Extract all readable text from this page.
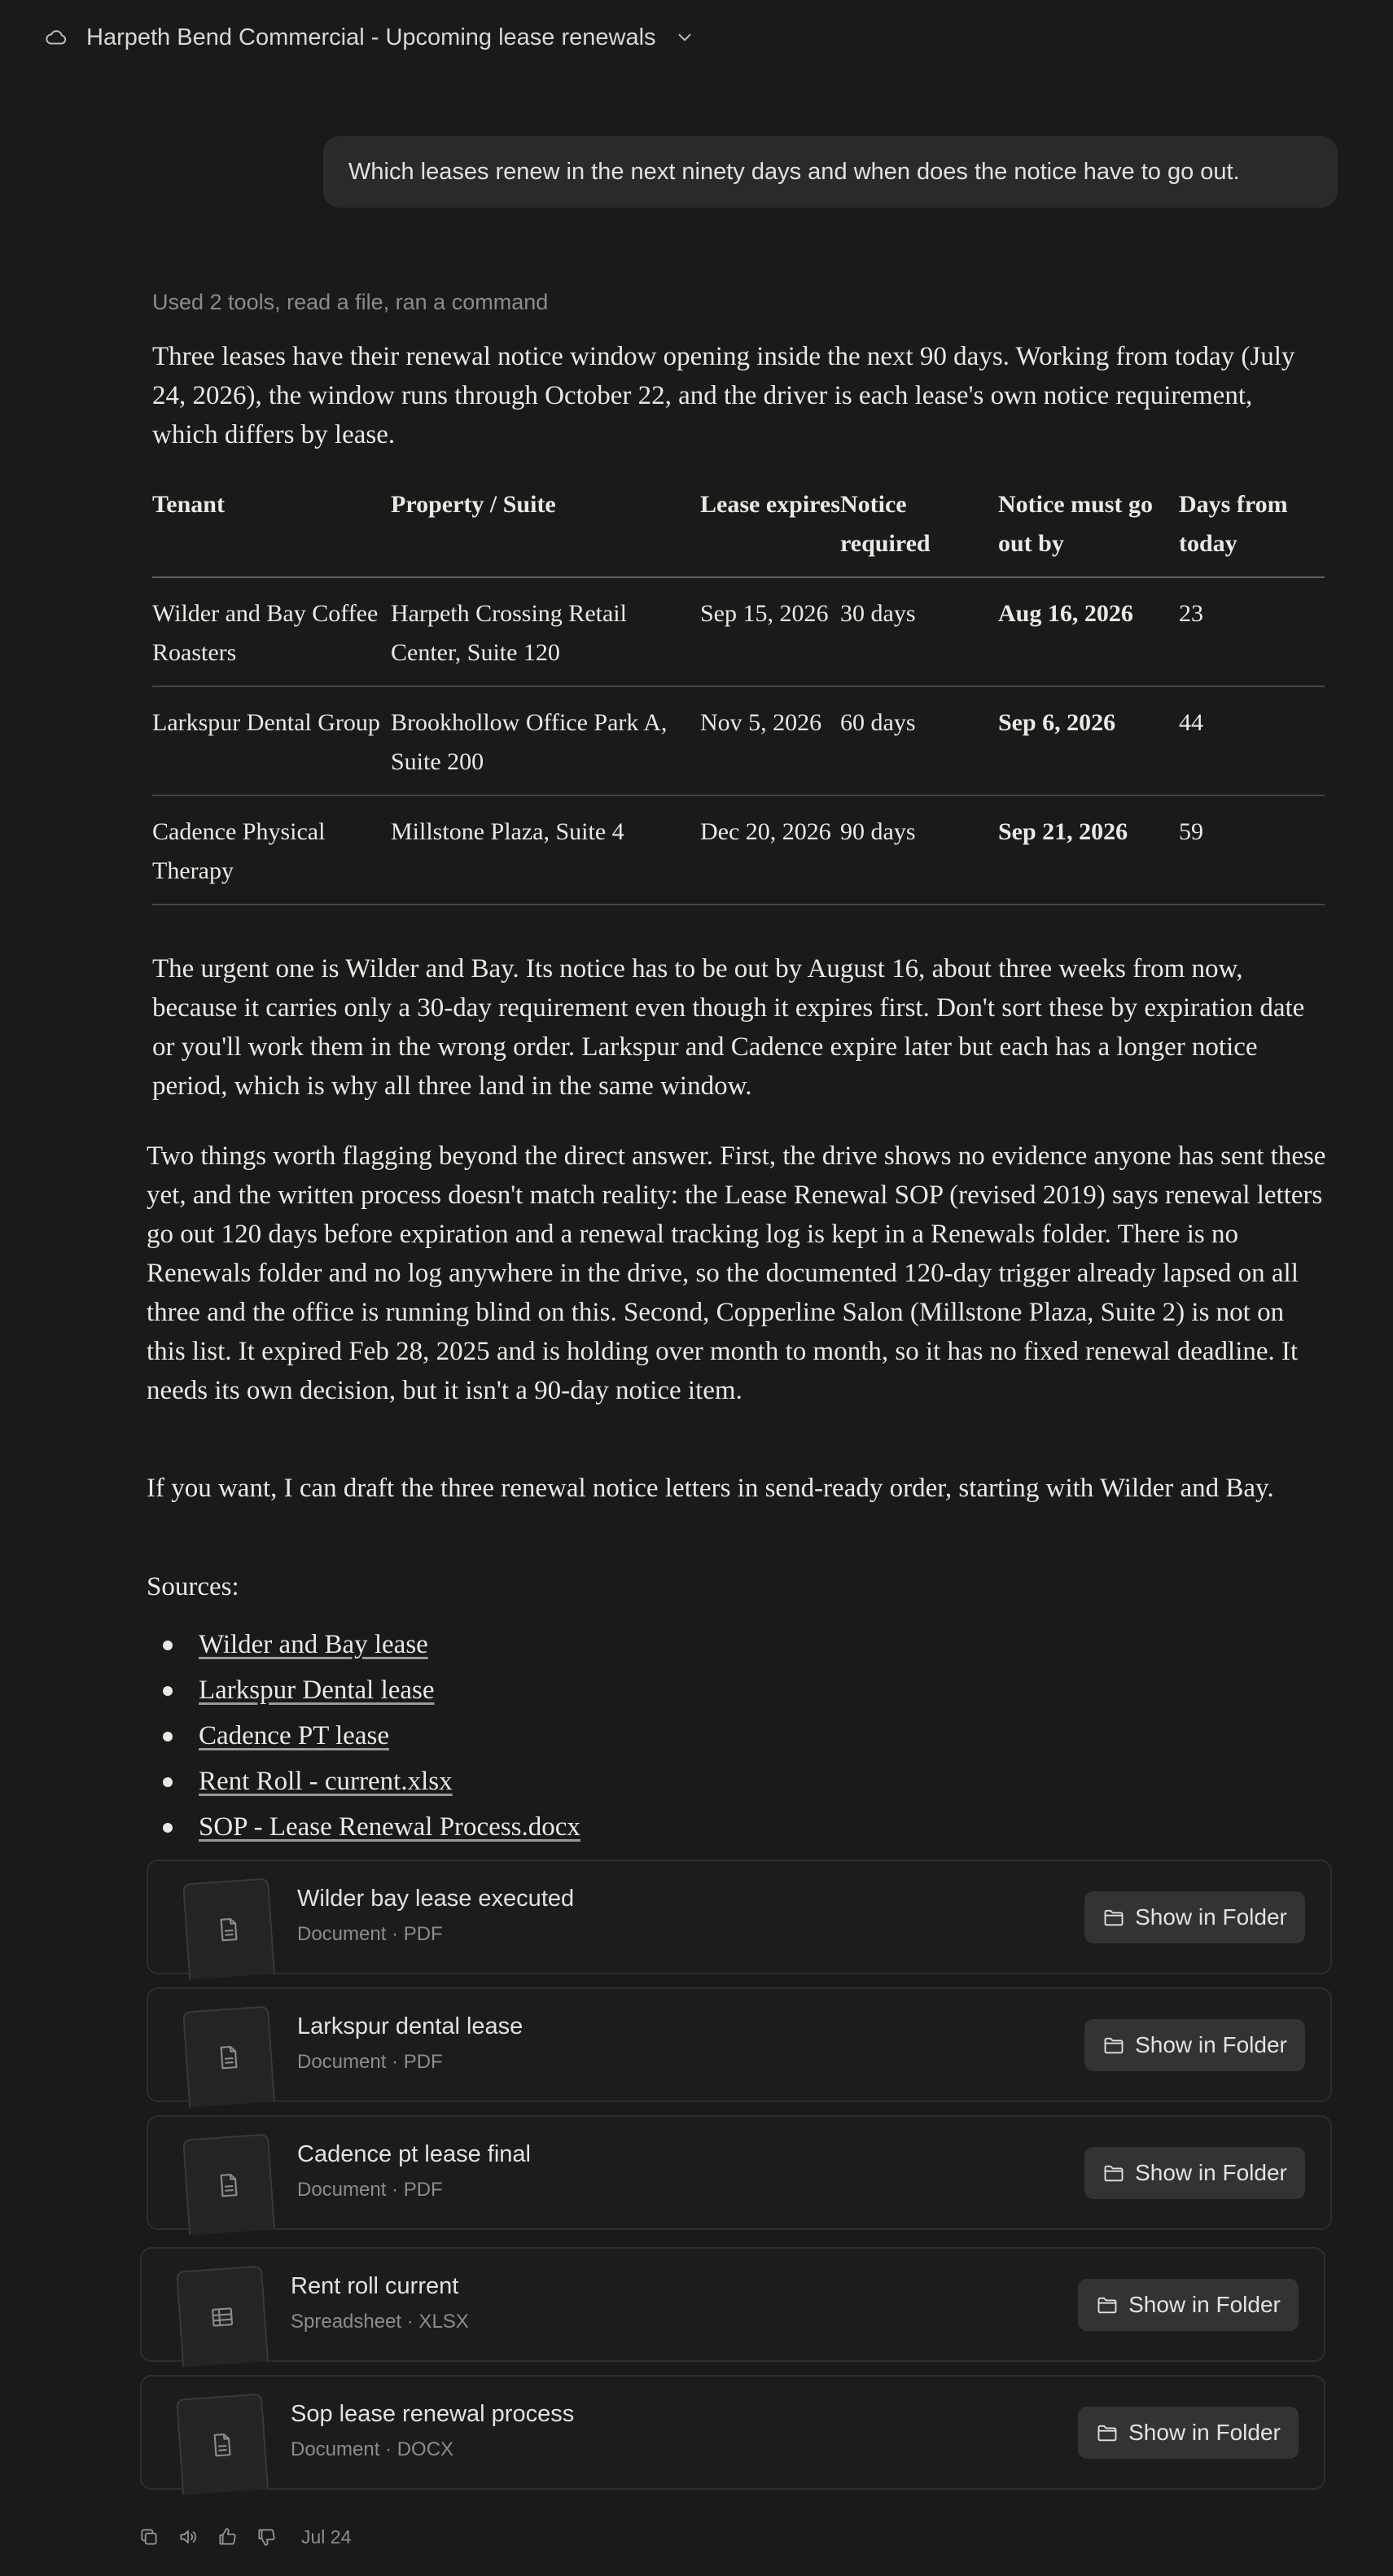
Harpeth Bend Commercial - Upcoming lease renewals
Which leases renew in the next ninety days and when does the notice have to go out.
Used 2 tools, read a file, ran a command

Three leases have their renewal notice window opening inside the next 90 days. Working from today (July 24, 2026), the window runs through October 22, and the driver is each lease's own notice requirement, which differs by lease.

Tenant	Property / Suite	Lease expires	Notice required	Notice must go out by	Days from today
Wilder and Bay Coffee Roasters	Harpeth Crossing Retail Center, Suite 120	Sep 15, 2026	30 days	Aug 16, 2026	23
Larkspur Dental Group	Brookhollow Office Park A, Suite 200	Nov 5, 2026	60 days	Sep 6, 2026	44
Cadence Physical Therapy	Millstone Plaza, Suite 4	Dec 20, 2026	90 days	Sep 21, 2026	59

The urgent one is Wilder and Bay. Its notice has to be out by August 16, about three weeks from now, because it carries only a 30-day requirement even though it expires first. Don't sort these by expiration date or you'll work them in the wrong order. Larkspur and Cadence expire later but each has a longer notice period, which is why all three land in the same window.

Two things worth flagging beyond the direct answer. First, the drive shows no evidence anyone has sent these yet, and the written process doesn't match reality: the Lease Renewal SOP (revised 2019) says renewal letters go out 120 days before expiration and a renewal tracking log is kept in a Renewals folder. There is no Renewals folder and no log anywhere in the drive, so the documented 120-day trigger already lapsed on all three and the office is running blind on this. Second, Copperline Salon (Millstone Plaza, Suite 2) is not on this list. It expired Feb 28, 2025 and is holding over month to month, so it has no fixed renewal deadline. It needs its own decision, but it isn't a 90-day notice item.

If you want, I can draft the three renewal notice letters in send-ready order, starting with Wilder and Bay.

Sources:
Wilder and Bay lease
Larkspur Dental lease
Cadence PT lease
Rent Roll - current.xlsx
SOP - Lease Renewal Process.docx
Wilder bay lease executed
Document · PDF
Show in Folder
Larkspur dental lease
Document · PDF
Show in Folder
Cadence pt lease final
Document · PDF
Show in Folder
Rent roll current
Spreadsheet · XLSX
Show in Folder
Sop lease renewal process
Document · DOCX
Show in Folder
Jul 24
